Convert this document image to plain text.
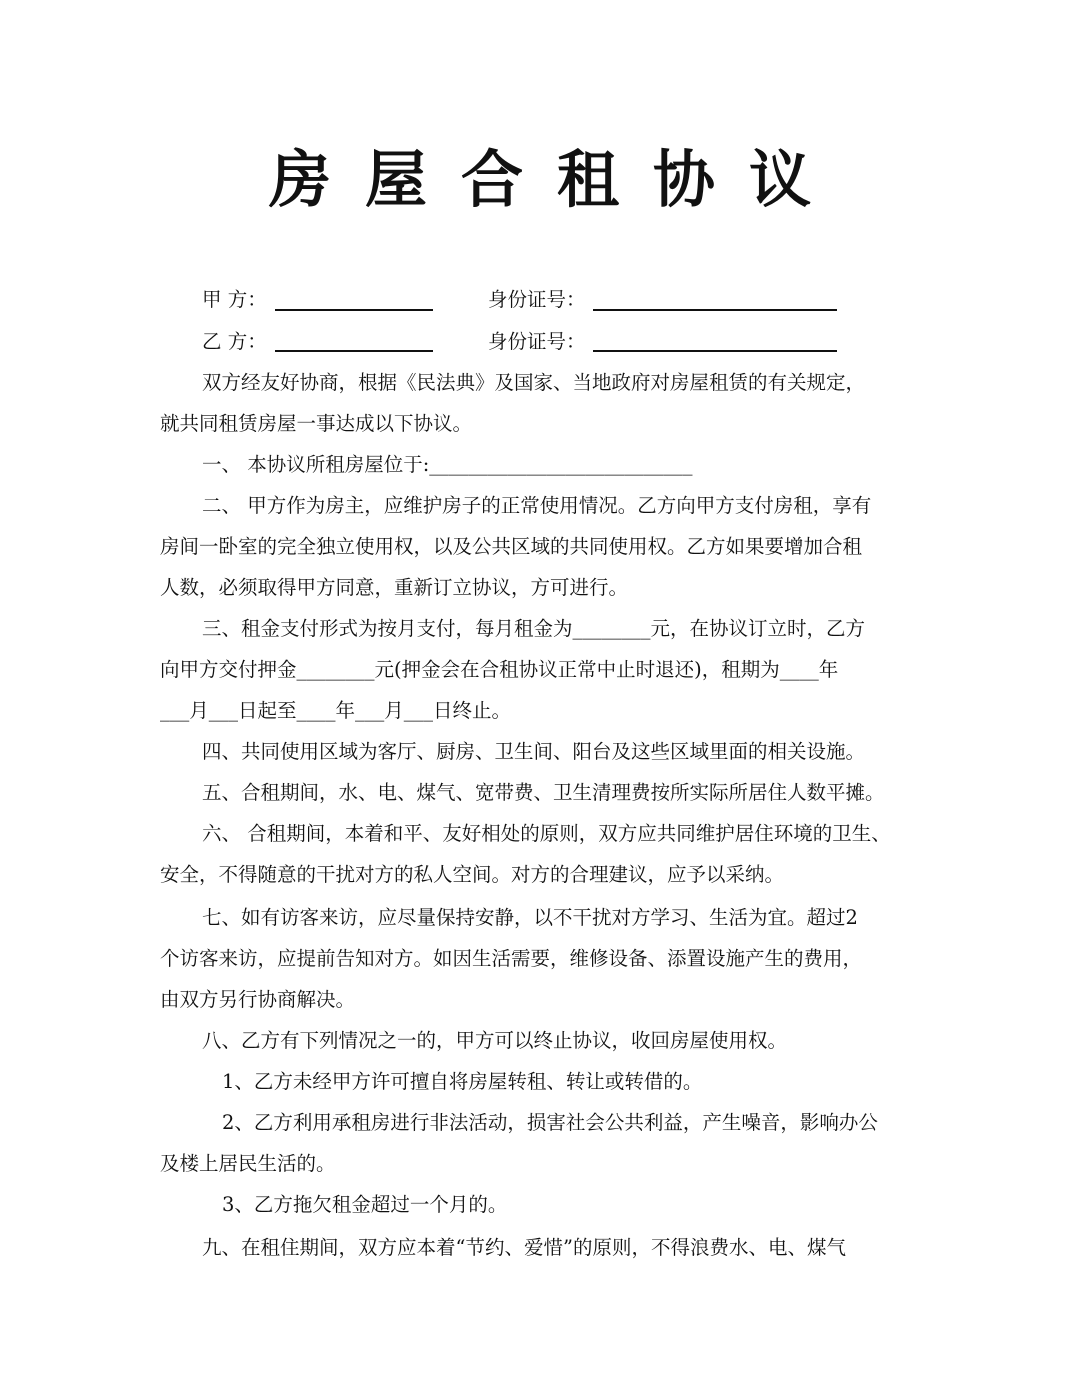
房屋合租协议
甲 方：	身份证号：
乙 方：	身份证号：
双方经友好协商，根据《民法典》及国家、当地政府对房屋租赁的有关规定，
就共同租赁房屋一事达成以下协议。
一、 本协议所租房屋位于:___________________________
二、 甲方作为房主，应维护房子的正常使用情况。乙方向甲方支付房租，享有
房间一卧室的完全独立使用权，以及公共区域的共同使用权。乙方如果要增加合租
人数，必须取得甲方同意，重新订立协议，方可进行。
三、租金支付形式为按月支付，每月租金为________元，在协议订立时，乙方
向甲方交付押金________元(押金会在合租协议正常中止时退还)，租期为____年
___月___日起至____年___月___日终止。
四、共同使用区域为客厅、厨房、卫生间、阳台及这些区域里面的相关设施。
五、合租期间，水、电、煤气、宽带费、卫生清理费按所实际所居住人数平摊。
六、 合租期间，本着和平、友好相处的原则，双方应共同维护居住环境的卫生、
安全，不得随意的干扰对方的私人空间。对方的合理建议，应予以采纳。
七、如有访客来访，应尽量保持安静，以不干扰对方学习、生活为宜。超过2
个访客来访，应提前告知对方。如因生活需要，维修设备、添置设施产生的费用，
由双方另行协商解决。
八、乙方有下列情况之一的，甲方可以终止协议，收回房屋使用权。
1、乙方未经甲方许可擅自将房屋转租、转让或转借的。
2、乙方利用承租房进行非法活动，损害社会公共利益，产生噪音，影响办公
及楼上居民生活的。
3、乙方拖欠租金超过一个月的。
九、在租住期间，双方应本着“节约、爱惜”的原则，不得浪费水、电、煤气
